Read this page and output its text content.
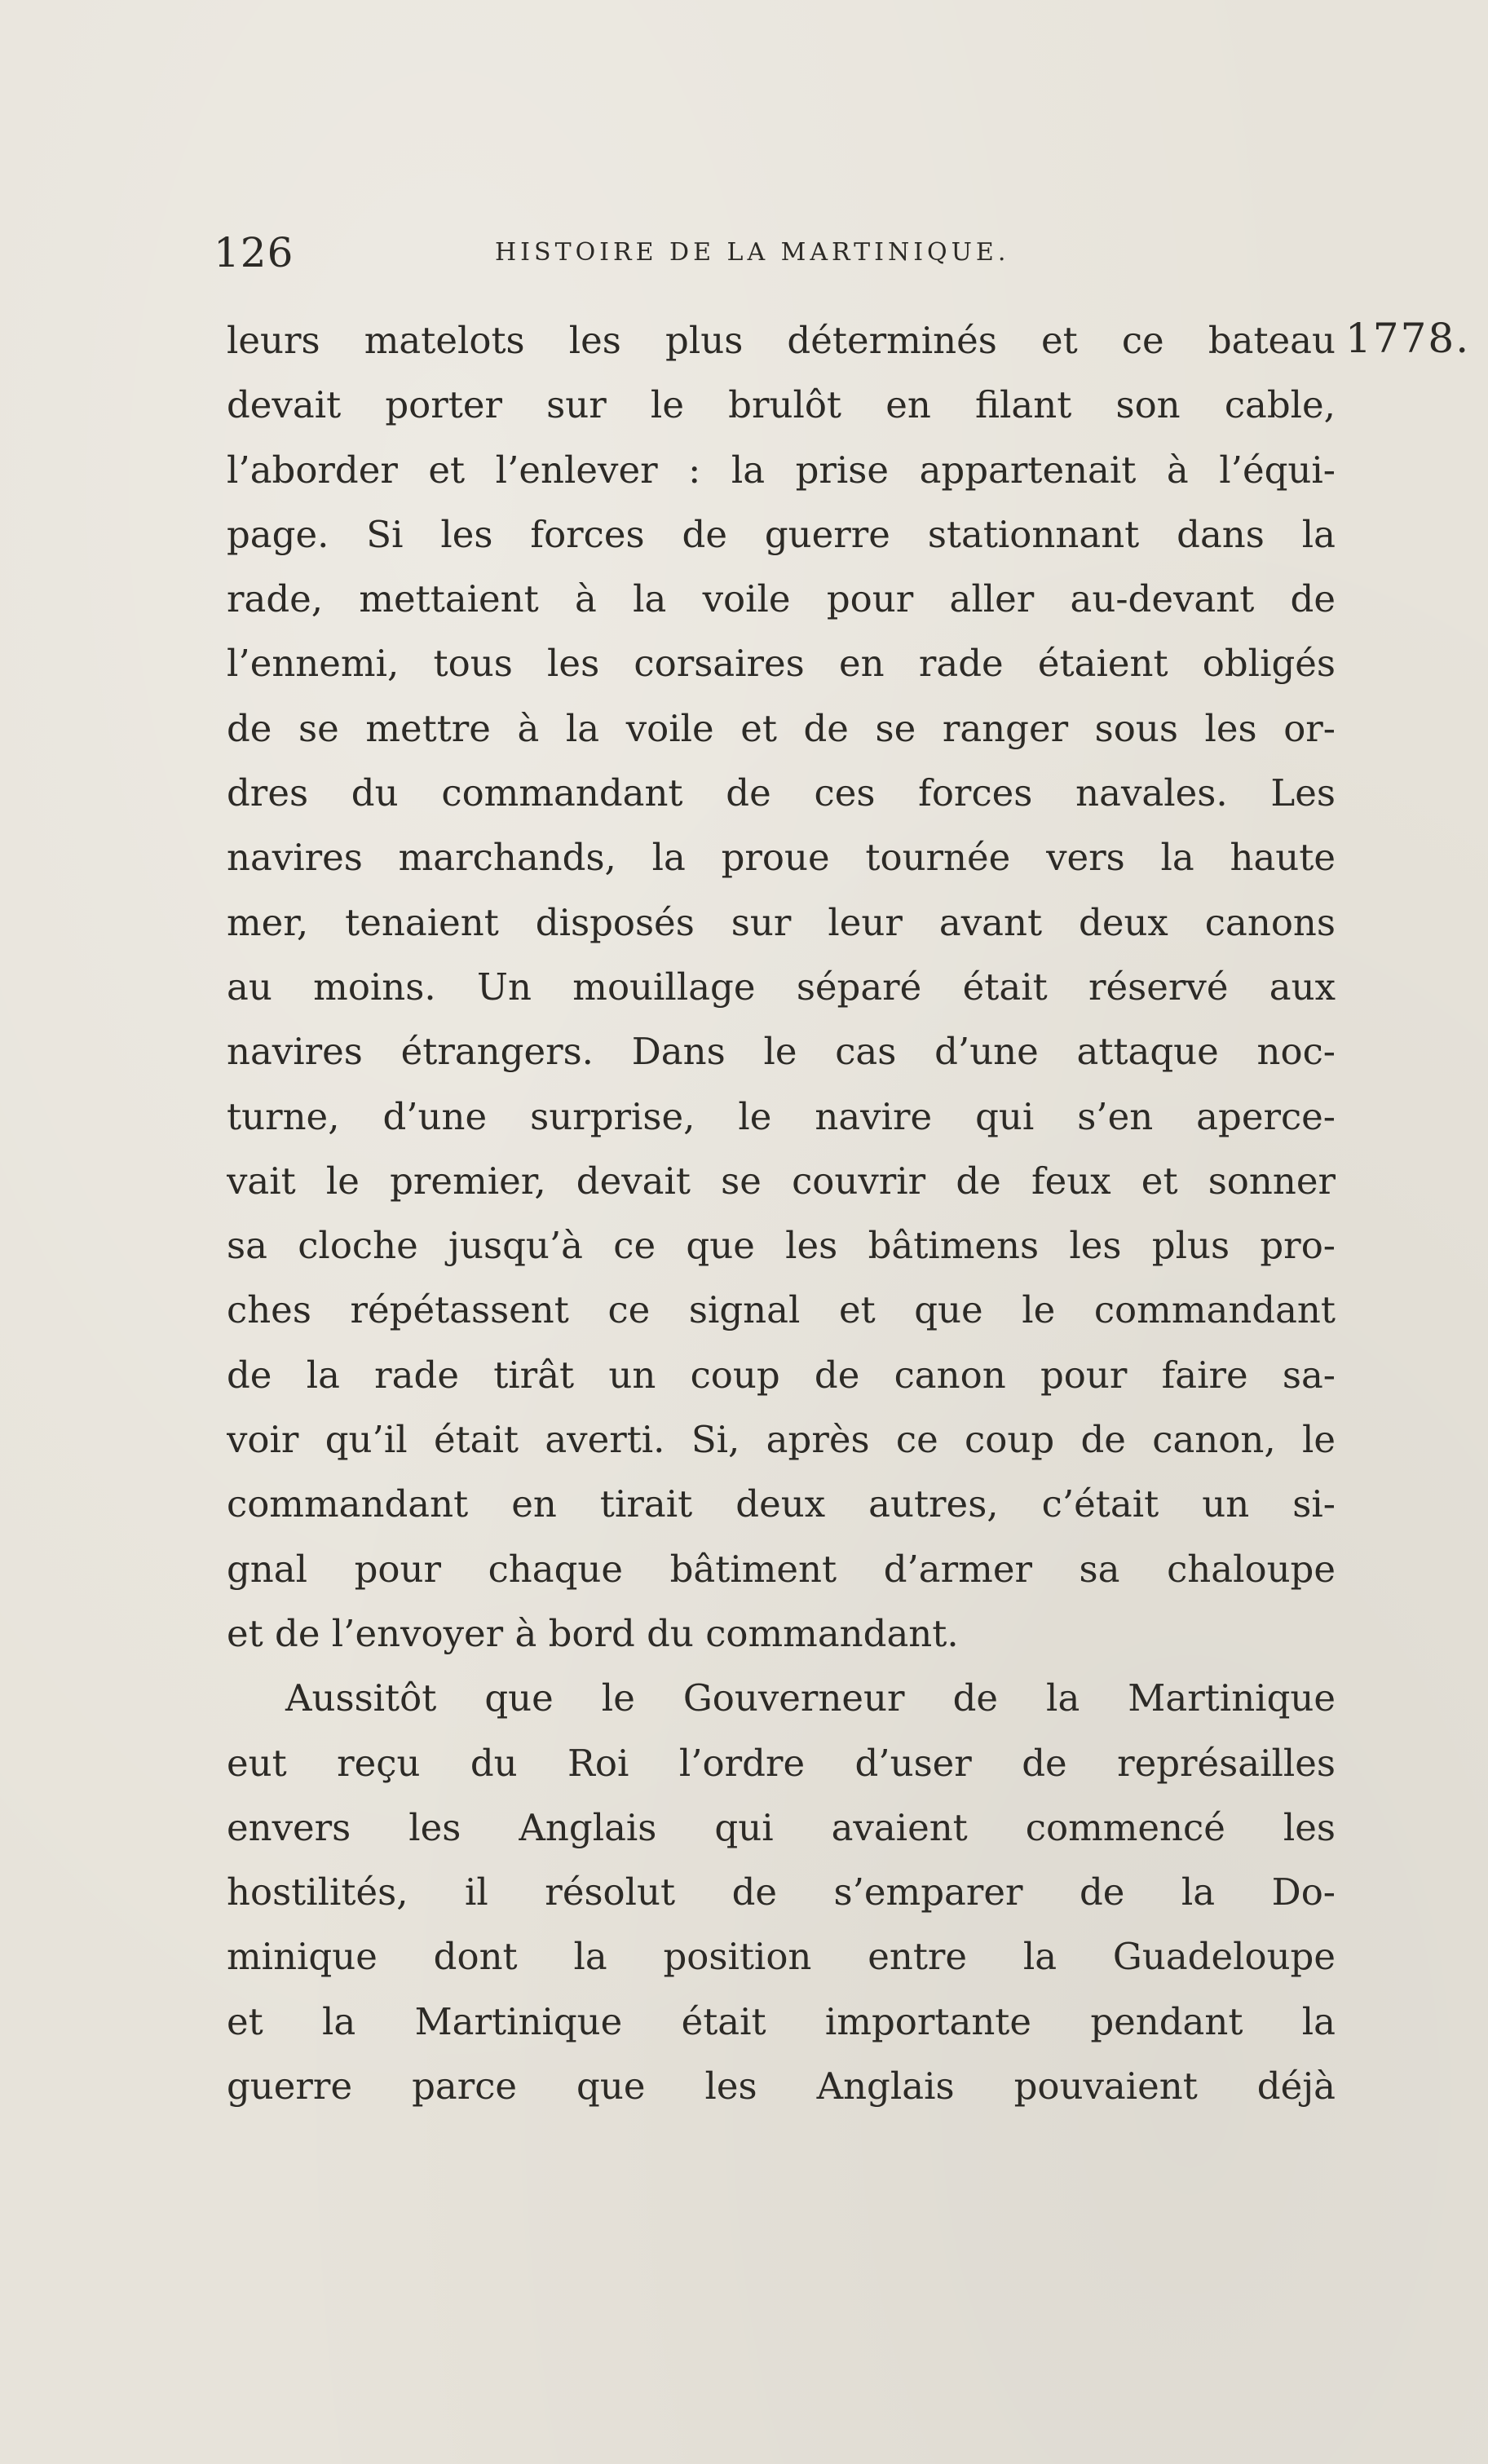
126	HISTOIRE DE LA MARTINIQUE.
1778.
leurs matelots les plus déterminés et ce bateau
devait porter sur le brulôt en filant son cable,
l’aborder et l’enlever : la prise appartenait à l’équi-
page. Si les forces de guerre stationnant dans la
rade, mettaient à la voile pour aller au-devant de
l’ennemi, tous les corsaires en rade étaient obligés
de se mettre à la voile et de se ranger sous les or-
dres du commandant de ces forces navales. Les
navires marchands, la proue tournée vers la haute
mer, tenaient disposés sur leur avant deux canons
au moins. Un mouillage séparé était réservé aux
navires étrangers. Dans le cas d’une attaque noc-
turne, d’une surprise, le navire qui s’en aperce-
vait le premier, devait se couvrir de feux et sonner
sa cloche jusqu’à ce que les bâtimens les plus pro-
ches répétassent ce signal et que le commandant
de la rade tirât un coup de canon pour faire sa-
voir qu’il était averti. Si, après ce coup de canon, le
commandant en tirait deux autres, c’était un si-
gnal pour chaque bâtiment d’armer sa chaloupe
et de l’envoyer à bord du commandant.
Aussitôt que le Gouverneur de la Martinique
eut reçu du Roi l’ordre d’user de représailles
envers les Anglais qui avaient commencé les
hostilités, il résolut de s’emparer de la Do-
minique dont la position entre la Guadeloupe
et la Martinique était importante pendant la
guerre parce que les Anglais pouvaient déjà
